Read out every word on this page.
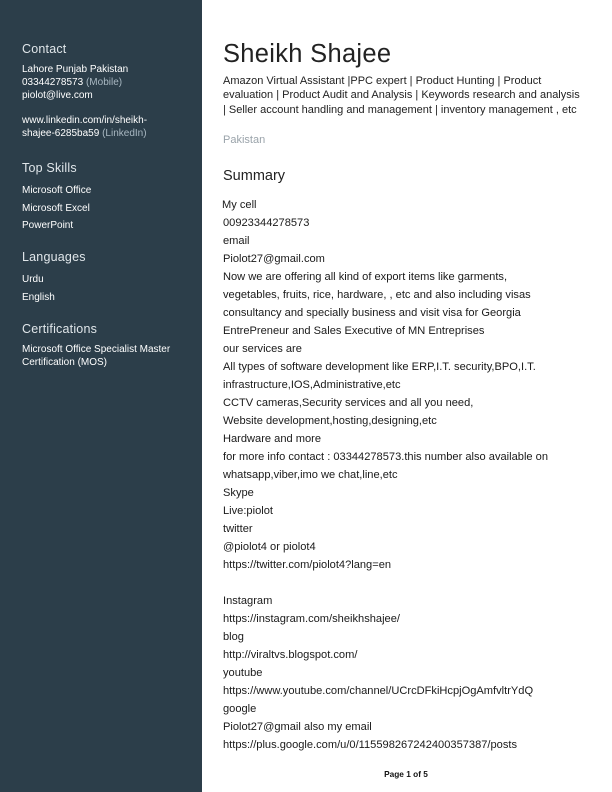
Contact
Lahore Punjab Pakistan
03344278573 (Mobile)
piolot@live.com
www.linkedin.com/in/sheikh-
shajee-6285ba59 (LinkedIn)
Top Skills
Microsoft Office
Microsoft Excel
PowerPoint
Languages
Urdu
English
Certifications
Microsoft Office Specialist Master
Certification (MOS)
Sheikh Shajee
Amazon Virtual Assistant |PPC expert | Product Hunting | Product evaluation | Product Audit and Analysis | Keywords research and analysis | Seller account handling and management | inventory management , etc
Pakistan
Summary
My cell
00923344278573
email
Piolot27@gmail.com
Now we are offering all kind of export items like garments,
vegetables, fruits, rice, hardware, , etc and also including visas
consultancy and specially business and visit visa for Georgia
EntrePreneur and Sales Executive of MN Entreprises
our services are
All types of software development like ERP,I.T. security,BPO,I.T.
infrastructure,IOS,Administrative,etc
CCTV cameras,Security services and all you need,
Website development,hosting,designing,etc
Hardware and more
for more info contact : 03344278573.this number also available on
whatsapp,viber,imo we chat,line,etc
Skype
Live:piolot
twitter
@piolot4 or piolot4
https://twitter.com/piolot4?lang=en
Instagram
https://instagram.com/sheikhshajee/
blog
http://viraltvs.blogspot.com/
youtube
https://www.youtube.com/channel/UCrcDFkiHcpjOgAmfvltrYdQ
google
Piolot27@gmail also my email
https://plus.google.com/u/0/115598267242400357387/posts
Page 1 of 5
